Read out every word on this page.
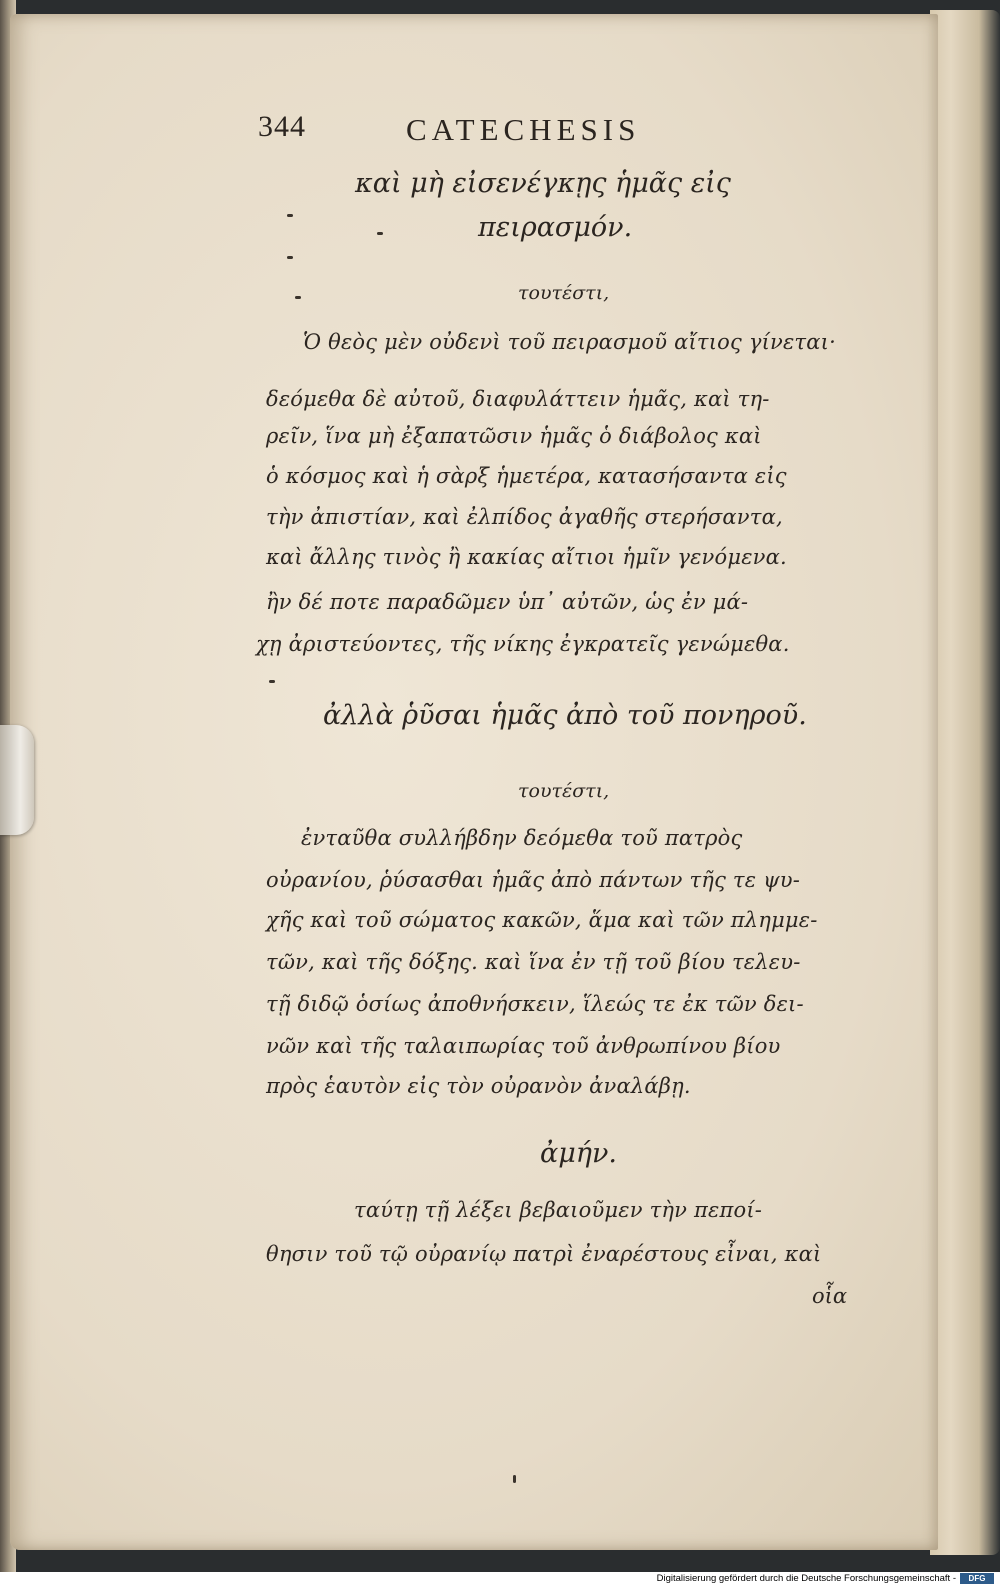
344	CATECHESIS
καὶ μὴ εἰσενέγκῃς ἡμᾶς εἰς
πειρασμόν.
τουτέστι,
Ὁ θεὸς μὲν οὐδενὶ τοῦ πειρασμοῦ αἴτιος γίνεται·
δεόμεθα δὲ αὐτοῦ, διαφυλάττειν ἡμᾶς, καὶ τη-
ρεῖν, ἵνα μὴ ἐξαπατῶσιν ἡμᾶς ὁ διάβολος καὶ
ὁ κόσμος καὶ ἡ σὰρξ ἡμετέρα, κατασήσαντα εἰς
τὴν ἀπιστίαν, καὶ ἐλπίδος ἀγαθῆς στερήσαντα,
καὶ ἄλλης τινὸς ἢ κακίας αἴτιοι ἡμῖν γενόμενα.
ἢν δέ ποτε παραδῶμεν ὑπ᾽ αὐτῶν, ὡς ἐν μά-
χῃ ἀριστεύοντες, τῆς νίκης ἐγκρατεῖς γενώμεθα.
ἀλλὰ ῥῦσαι ἡμᾶς ἀπὸ τοῦ πονηροῦ.
τουτέστι,
ἐνταῦθα συλλήβδην δεόμεθα τοῦ πατρὸς
οὐρανίου, ῥύσασθαι ἡμᾶς ἀπὸ πάντων τῆς τε ψυ-
χῆς καὶ τοῦ σώματος κακῶν, ἅμα καὶ τῶν πλημμε-
τῶν, καὶ τῆς δόξης. καὶ ἵνα ἐν τῇ τοῦ βίου τελευ-
τῇ διδῷ ὁσίως ἀποθνήσκειν, ἵλεώς τε ἐκ τῶν δει-
νῶν καὶ τῆς ταλαιπωρίας τοῦ ἀνθρωπίνου βίου
πρὸς ἑαυτὸν εἰς τὸν οὐρανὸν ἀναλάβῃ.
ἀμήν.
ταύτῃ τῇ λέξει βεβαιοῦμεν τὴν πεποί-
θησιν τοῦ τῷ οὐρανίῳ πατρὶ ἐναρέστους εἶναι, καὶ
οἷα
Digitalisierung gefördert durch die Deutsche Forschungsgemeinschaft -	DFG
